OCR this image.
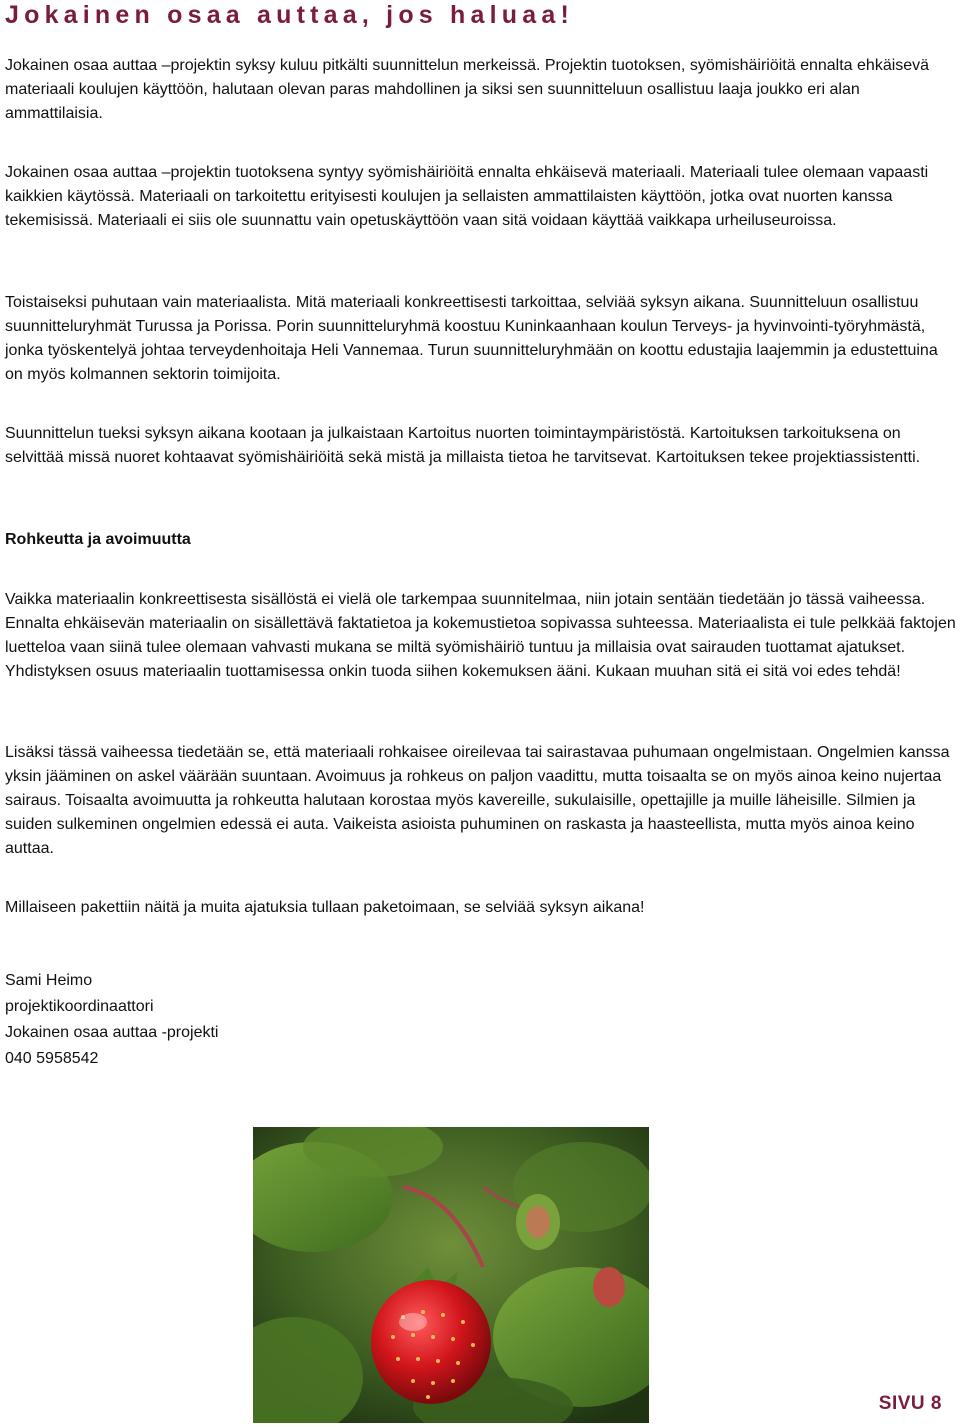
Jokainen osaa auttaa, jos haluaa!

Jokainen osaa auttaa –projektin syksy kuluu pitkälti suunnittelun merkeissä. Projektin tuotoksen, syömishäiriöitä ennalta ehkäisevä materiaali koulujen käyttöön, halutaan olevan paras mahdollinen ja siksi sen suunnitteluun osallistuu laaja joukko eri alan ammattilaisia.

Jokainen osaa auttaa –projektin tuotoksena syntyy syömishäiriöitä ennalta ehkäisevä materiaali. Materiaali tulee olemaan vapaasti kaikkien käytössä. Materiaali on tarkoitettu erityisesti koulujen ja sellaisten ammattilaisten käyttöön, jotka ovat nuorten kanssa tekemisissä. Materiaali ei siis ole suunnattu vain opetuskäyttöön vaan sitä voidaan käyttää vaikkapa urheiluseuroissa.

Toistaiseksi puhutaan vain materiaalista. Mitä materiaali konkreettisesti tarkoittaa, selviää syksyn aikana. Suunnitteluun osallistuu suunnitteluryhmät Turussa ja Porissa. Porin suunnitteluryhmä koostuu Kuninkaanhaan koulun Terveys- ja hyvinvointi-työryhmästä, jonka työskentelyä johtaa terveydenhoitaja Heli Vannemaa. Turun suunnitteluryhmään on koottu edustajia laajemmin ja edustettuina on myös kolmannen sektorin toimijoita.

Suunnittelun tueksi syksyn aikana kootaan ja julkaistaan Kartoitus nuorten toimintaympäristöstä. Kartoituksen tarkoituksena on selvittää missä nuoret kohtaavat syömishäiriöitä sekä mistä ja millaista tietoa he tarvitsevat. Kartoituksen tekee projektiassistentti.

Rohkeutta ja avoimuutta

Vaikka materiaalin konkreettisesta sisällöstä ei vielä ole tarkempaa suunnitelmaa, niin jotain sentään tiedetään jo tässä vaiheessa. Ennalta ehkäisevän materiaalin on sisällettävä faktatietoa ja kokemustietoa sopivassa suhteessa. Materiaalista ei tule pelkkää faktojen luetteloa vaan siinä tulee olemaan vahvasti mukana se miltä syömishäiriö tuntuu ja millaisia ovat sairauden tuottamat ajatukset. Yhdistyksen osuus materiaalin tuottamisessa onkin tuoda siihen kokemuksen ääni. Kukaan muuhan sitä ei sitä voi edes tehdä!

Lisäksi tässä vaiheessa tiedetään se, että materiaali rohkaisee oireilevaa tai sairastavaa puhumaan ongelmistaan. Ongelmien kanssa yksin jääminen on askel väärään suuntaan. Avoimuus ja rohkeus on paljon vaadittu, mutta toisaalta se on myös ainoa keino nujertaa sairaus. Toisaalta avoimuutta ja rohkeutta halutaan korostaa myös kavereille, sukulaisille, opettajille ja muille läheisille. Silmien ja suiden sulkeminen ongelmien edessä ei auta. Vaikeista asioista puhuminen on raskasta ja haasteellista, mutta myös ainoa keino auttaa.

Millaiseen pakettiin näitä ja muita ajatuksia tullaan paketoimaan, se selviää syksyn aikana!

Sami Heimo
projektikoordinaattori
Jokainen osaa auttaa -projekti
040 5958542
SIVU 8
